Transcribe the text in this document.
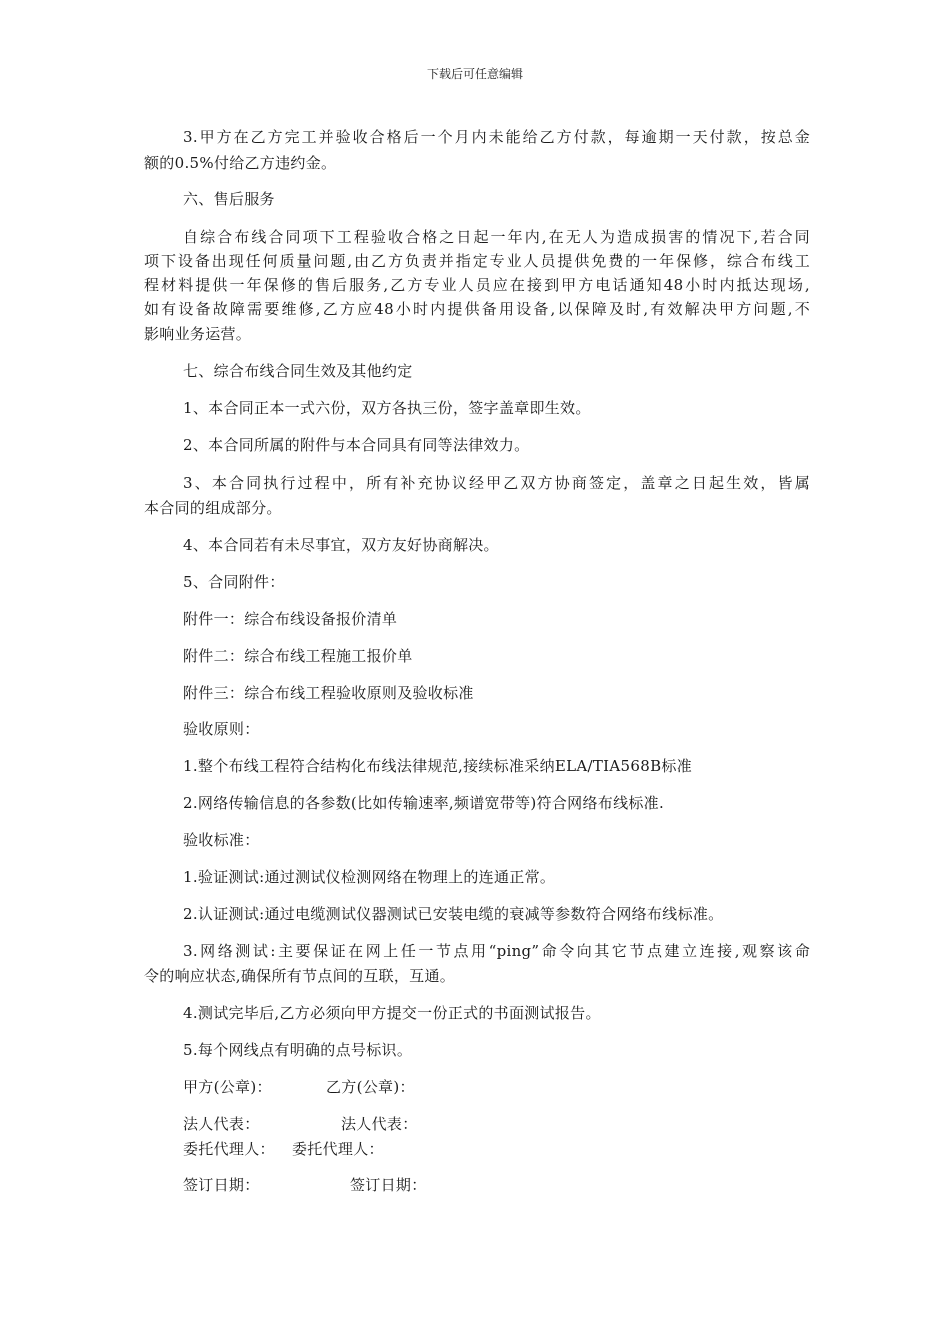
下载后可任意编辑
3.甲方在乙方完工并验收合格后一个月内未能给乙方付款，每逾期一天付款，按总金
额的0.5%付给乙方违约金。
六、售后服务
自综合布线合同项下工程验收合格之日起一年内,在无人为造成损害的情况下,若合同
项下设备出现任何质量问题,由乙方负责并指定专业人员提供免费的一年保修，综合布线工
程材料提供一年保修的售后服务,乙方专业人员应在接到甲方电话通知48小时内抵达现场,
如有设备故障需要维修,乙方应48小时内提供备用设备,以保障及时,有效解决甲方问题,不
影响业务运营。
七、综合布线合同生效及其他约定
1、本合同正本一式六份，双方各执三份，签字盖章即生效。
2、本合同所属的附件与本合同具有同等法律效力。
3、本合同执行过程中，所有补充协议经甲乙双方协商签定，盖章之日起生效，皆属
本合同的组成部分。
4、本合同若有未尽事宜，双方友好协商解决。
5、合同附件：
附件一：综合布线设备报价清单
附件二：综合布线工程施工报价单
附件三：综合布线工程验收原则及验收标准
验收原则：
1.整个布线工程符合结构化布线法律规范,接续标准采纳ELA/TIA568B标准
2.网络传输信息的各参数(比如传输速率,频谱宽带等)符合网络布线标准.
验收标准：
1.验证测试:通过测试仪检测网络在物理上的连通正常。
2.认证测试:通过电缆测试仪器测试已安装电缆的衰减等参数符合网络布线标准。
3.网络测试:主要保证在网上任一节点用“ping”命令向其它节点建立连接,观察该命
令的响应状态,确保所有节点间的互联，互通。
4.测试完毕后,乙方必须向甲方提交一份正式的书面测试报告。
5.每个网线点有明确的点号标识。
甲方(公章)：	乙方(公章)：
法人代表：	法人代表：
委托代理人： 委托代理人：
签订日期：	签订日期：
